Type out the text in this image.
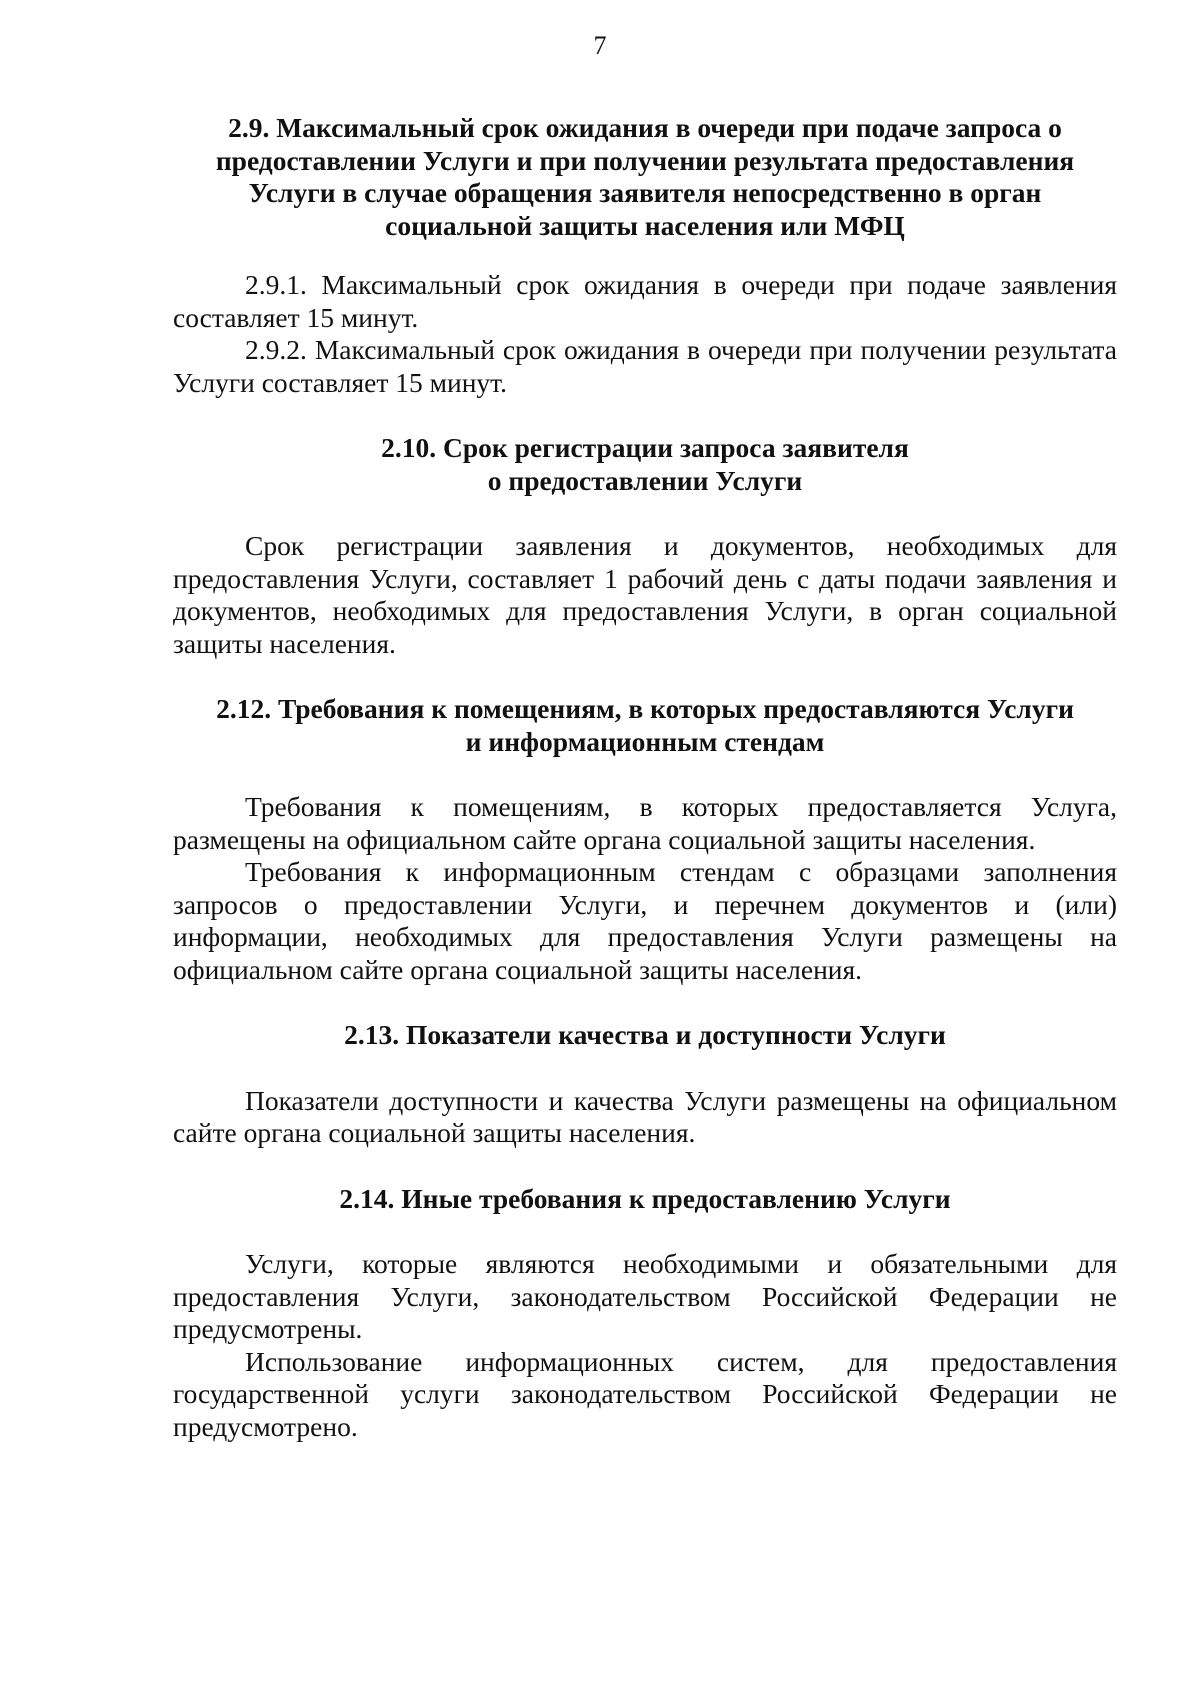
7
2.9. Максимальный срок ожидания в очереди при подаче запроса о
предоставлении Услуги и при получении результата предоставления
Услуги в случае обращения заявителя непосредственно в орган
социальной защиты населения или МФЦ

2.9.1. Максимальный срок ожидания в очереди при подаче заявления составляет 15 минут.

2.9.2. Максимальный срок ожидания в очереди при получении результата Услуги составляет 15 минут.

2.10. Срок регистрации запроса заявителя
о предоставлении Услуги

Срок регистрации заявления и документов, необходимых для предоставления Услуги, составляет 1 рабочий день с даты подачи заявления и документов, необходимых для предоставления Услуги, в орган социальной защиты населения.

2.12. Требования к помещениям, в которых предоставляются Услуги
и информационным стендам

Требования к помещениям, в которых предоставляется Услуга, размещены на официальном сайте органа социальной защиты населения.

Требования к информационным стендам с образцами заполнения запросов о предоставлении Услуги, и перечнем документов и (или) информации, необходимых для предоставления Услуги размещены на официальном сайте органа социальной защиты населения.

2.13. Показатели качества и доступности Услуги

Показатели доступности и качества Услуги размещены на официальном сайте органа социальной защиты населения.

2.14. Иные требования к предоставлению Услуги

Услуги, которые являются необходимыми и обязательными для предоставления Услуги, законодательством Российской Федерации не предусмотрены.

Использование информационных систем, для предоставления государственной услуги законодательством Российской Федерации не предусмотрено.
